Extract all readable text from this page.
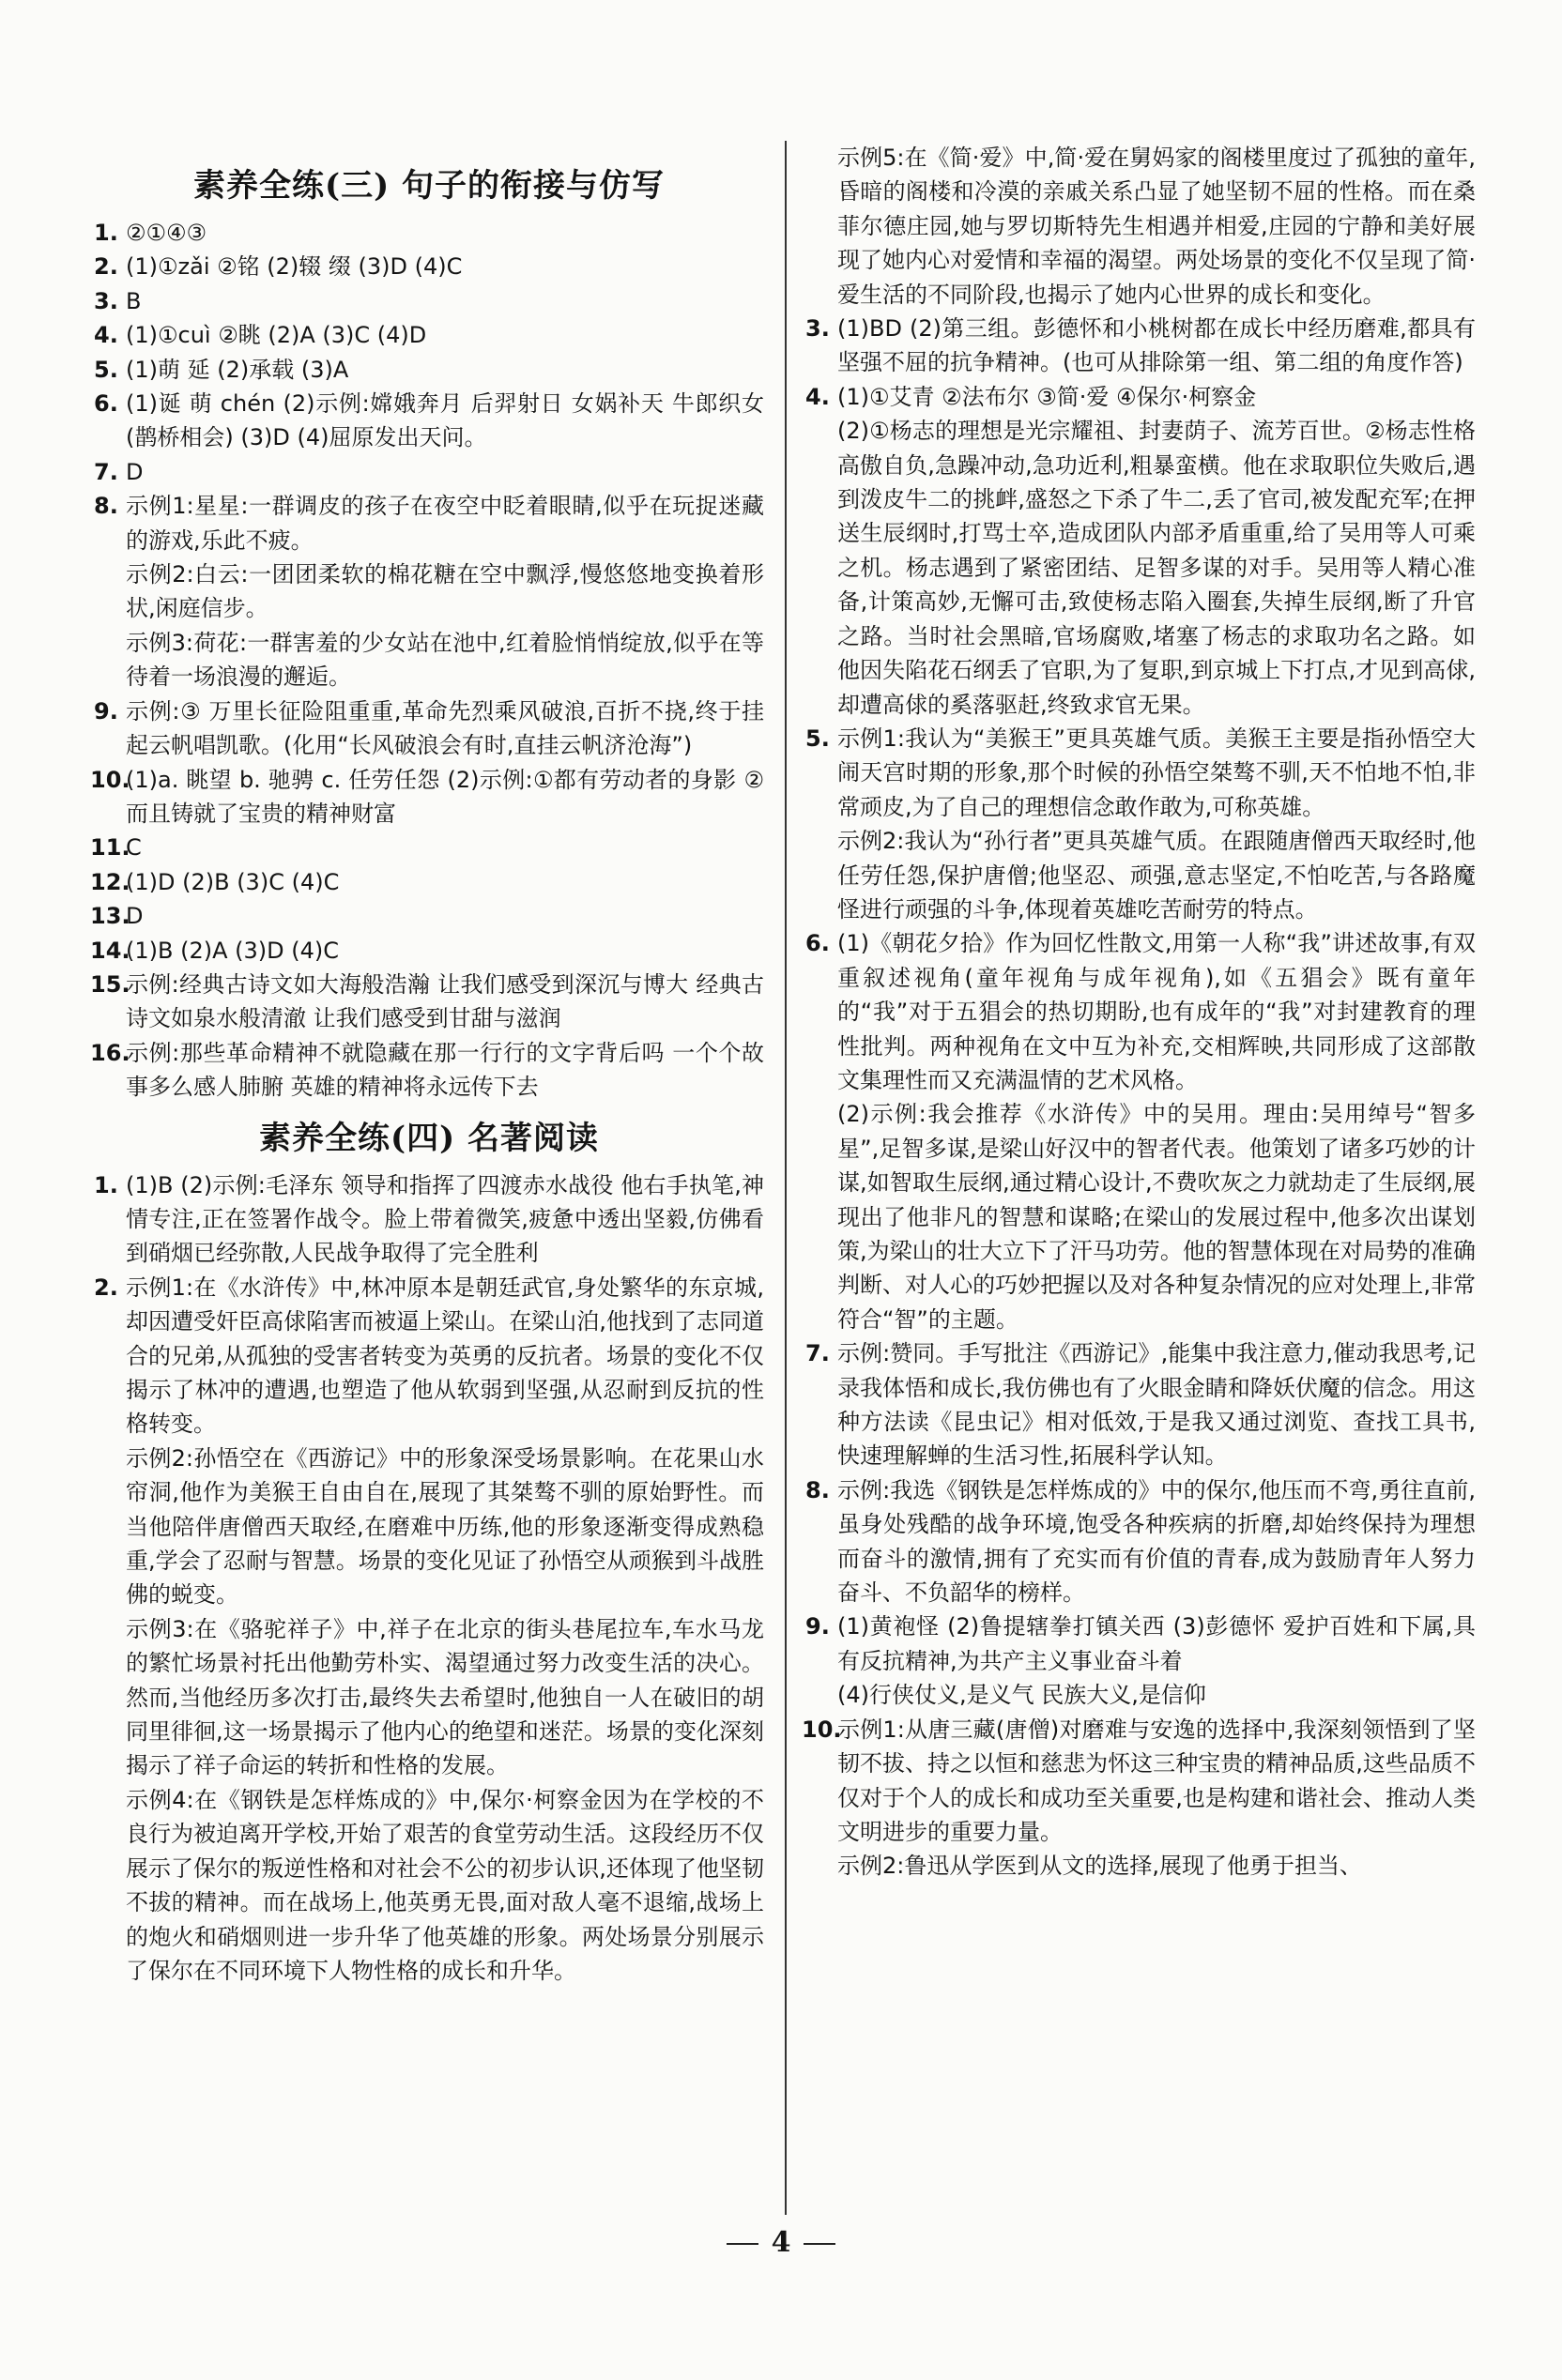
素养全练(三) 句子的衔接与仿写
1. ②①④③

2. (1)①zǎi ②铭 (2)辍 缀 (3)D (4)C

3. B

4. (1)①cuì ②眺 (2)A (3)C (4)D

5. (1)萌 延 (2)承载 (3)A

6. (1)诞 萌 chén (2)示例:嫦娥奔月 后羿射日 女娲补天 牛郎织女(鹊桥相会) (3)D (4)屈原发出天问。

7. D

8. 示例1:星星:一群调皮的孩子在夜空中眨着眼睛,似乎在玩捉迷藏的游戏,乐此不疲。

示例2:白云:一团团柔软的棉花糖在空中飘浮,慢悠悠地变换着形状,闲庭信步。

示例3:荷花:一群害羞的少女站在池中,红着脸悄悄绽放,似乎在等待着一场浪漫的邂逅。

9. 示例:③ 万里长征险阻重重,革命先烈乘风破浪,百折不挠,终于挂起云帆唱凯歌。(化用“长风破浪会有时,直挂云帆济沧海”)

10.

(1)a. 眺望 b. 驰骋 c. 任劳任怨 (2)示例:①都有劳动者的身影 ②而且铸就了宝贵的精神财富

11.

C

12.

(1)D (2)B (3)C (4)C

13.

D

14.

(1)B (2)A (3)D (4)C

15.

示例:经典古诗文如大海般浩瀚 让我们感受到深沉与博大 经典古诗文如泉水般清澈 让我们感受到甘甜与滋润

16.

示例:那些革命精神不就隐藏在那一行行的文字背后吗 一个个故事多么感人肺腑 英雄的精神将永远传下去

素养全练(四) 名著阅读
1. (1)B (2)示例:毛泽东 领导和指挥了四渡赤水战役 他右手执笔,神情专注,正在签署作战令。脸上带着微笑,疲惫中透出坚毅,仿佛看到硝烟已经弥散,人民战争取得了完全胜利

2. 示例1:在《水浒传》中,林冲原本是朝廷武官,身处繁华的东京城,却因遭受奸臣高俅陷害而被逼上梁山。在梁山泊,他找到了志同道合的兄弟,从孤独的受害者转变为英勇的反抗者。场景的变化不仅揭示了林冲的遭遇,也塑造了他从软弱到坚强,从忍耐到反抗的性格转变。

示例2:孙悟空在《西游记》中的形象深受场景影响。在花果山水帘洞,他作为美猴王自由自在,展现了其桀骜不驯的原始野性。而当他陪伴唐僧西天取经,在磨难中历练,他的形象逐渐变得成熟稳重,学会了忍耐与智慧。场景的变化见证了孙悟空从顽猴到斗战胜佛的蜕变。

示例3:在《骆驼祥子》中,祥子在北京的街头巷尾拉车,车水马龙的繁忙场景衬托出他勤劳朴实、渴望通过努力改变生活的决心。然而,当他经历多次打击,最终失去希望时,他独自一人在破旧的胡同里徘徊,这一场景揭示了他内心的绝望和迷茫。场景的变化深刻揭示了祥子命运的转折和性格的发展。

示例4:在《钢铁是怎样炼成的》中,保尔·柯察金因为在学校的不良行为被迫离开学校,开始了艰苦的食堂劳动生活。这段经历不仅展示了保尔的叛逆性格和对社会不公的初步认识,还体现了他坚韧不拔的精神。而在战场上,他英勇无畏,面对敌人毫不退缩,战场上的炮火和硝烟则进一步升华了他英雄的形象。两处场景分别展示了保尔在不同环境下人物性格的成长和升华。

示例5:在《简·爱》中,简·爱在舅妈家的阁楼里度过了孤独的童年,昏暗的阁楼和冷漠的亲戚关系凸显了她坚韧不屈的性格。而在桑菲尔德庄园,她与罗切斯特先生相遇并相爱,庄园的宁静和美好展现了她内心对爱情和幸福的渴望。两处场景的变化不仅呈现了简·爱生活的不同阶段,也揭示了她内心世界的成长和变化。

3. (1)BD (2)第三组。彭德怀和小桃树都在成长中经历磨难,都具有坚强不屈的抗争精神。(也可从排除第一组、第二组的角度作答)

4. (1)①艾青 ②法布尔 ③简·爱 ④保尔·柯察金

(2)①杨志的理想是光宗耀祖、封妻荫子、流芳百世。②杨志性格高傲自负,急躁冲动,急功近利,粗暴蛮横。他在求取职位失败后,遇到泼皮牛二的挑衅,盛怒之下杀了牛二,丢了官司,被发配充军;在押送生辰纲时,打骂士卒,造成团队内部矛盾重重,给了吴用等人可乘之机。杨志遇到了紧密团结、足智多谋的对手。吴用等人精心准备,计策高妙,无懈可击,致使杨志陷入圈套,失掉生辰纲,断了升官之路。当时社会黑暗,官场腐败,堵塞了杨志的求取功名之路。如他因失陷花石纲丢了官职,为了复职,到京城上下打点,才见到高俅,却遭高俅的奚落驱赶,终致求官无果。

5. 示例1:我认为“美猴王”更具英雄气质。美猴王主要是指孙悟空大闹天宫时期的形象,那个时候的孙悟空桀骜不驯,天不怕地不怕,非常顽皮,为了自己的理想信念敢作敢为,可称英雄。

示例2:我认为“孙行者”更具英雄气质。在跟随唐僧西天取经时,他任劳任怨,保护唐僧;他坚忍、顽强,意志坚定,不怕吃苦,与各路魔怪进行顽强的斗争,体现着英雄吃苦耐劳的特点。

6. (1)《朝花夕拾》作为回忆性散文,用第一人称“我”讲述故事,有双重叙述视角(童年视角与成年视角),如《五猖会》既有童年的“我”对于五猖会的热切期盼,也有成年的“我”对封建教育的理性批判。两种视角在文中互为补充,交相辉映,共同形成了这部散文集理性而又充满温情的艺术风格。

(2)示例:我会推荐《水浒传》中的吴用。理由:吴用绰号“智多星”,足智多谋,是梁山好汉中的智者代表。他策划了诸多巧妙的计谋,如智取生辰纲,通过精心设计,不费吹灰之力就劫走了生辰纲,展现出了他非凡的智慧和谋略;在梁山的发展过程中,他多次出谋划策,为梁山的壮大立下了汗马功劳。他的智慧体现在对局势的准确判断、对人心的巧妙把握以及对各种复杂情况的应对处理上,非常符合“智”的主题。

7. 示例:赞同。手写批注《西游记》,能集中我注意力,催动我思考,记录我体悟和成长,我仿佛也有了火眼金睛和降妖伏魔的信念。用这种方法读《昆虫记》相对低效,于是我又通过浏览、查找工具书,快速理解蝉的生活习性,拓展科学认知。

8. 示例:我选《钢铁是怎样炼成的》中的保尔,他压而不弯,勇往直前,虽身处残酷的战争环境,饱受各种疾病的折磨,却始终保持为理想而奋斗的激情,拥有了充实而有价值的青春,成为鼓励青年人努力奋斗、不负韶华的榜样。

9. (1)黄袍怪 (2)鲁提辖拳打镇关西 (3)彭德怀 爱护百姓和下属,具有反抗精神,为共产主义事业奋斗着

(4)行侠仗义,是义气 民族大义,是信仰

10.

示例1:从唐三藏(唐僧)对磨难与安逸的选择中,我深刻领悟到了坚韧不拔、持之以恒和慈悲为怀这三种宝贵的精神品质,这些品质不仅对于个人的成长和成功至关重要,也是构建和谐社会、推动人类文明进步的重要力量。

示例2:鲁迅从学医到从文的选择,展现了他勇于担当、

4
